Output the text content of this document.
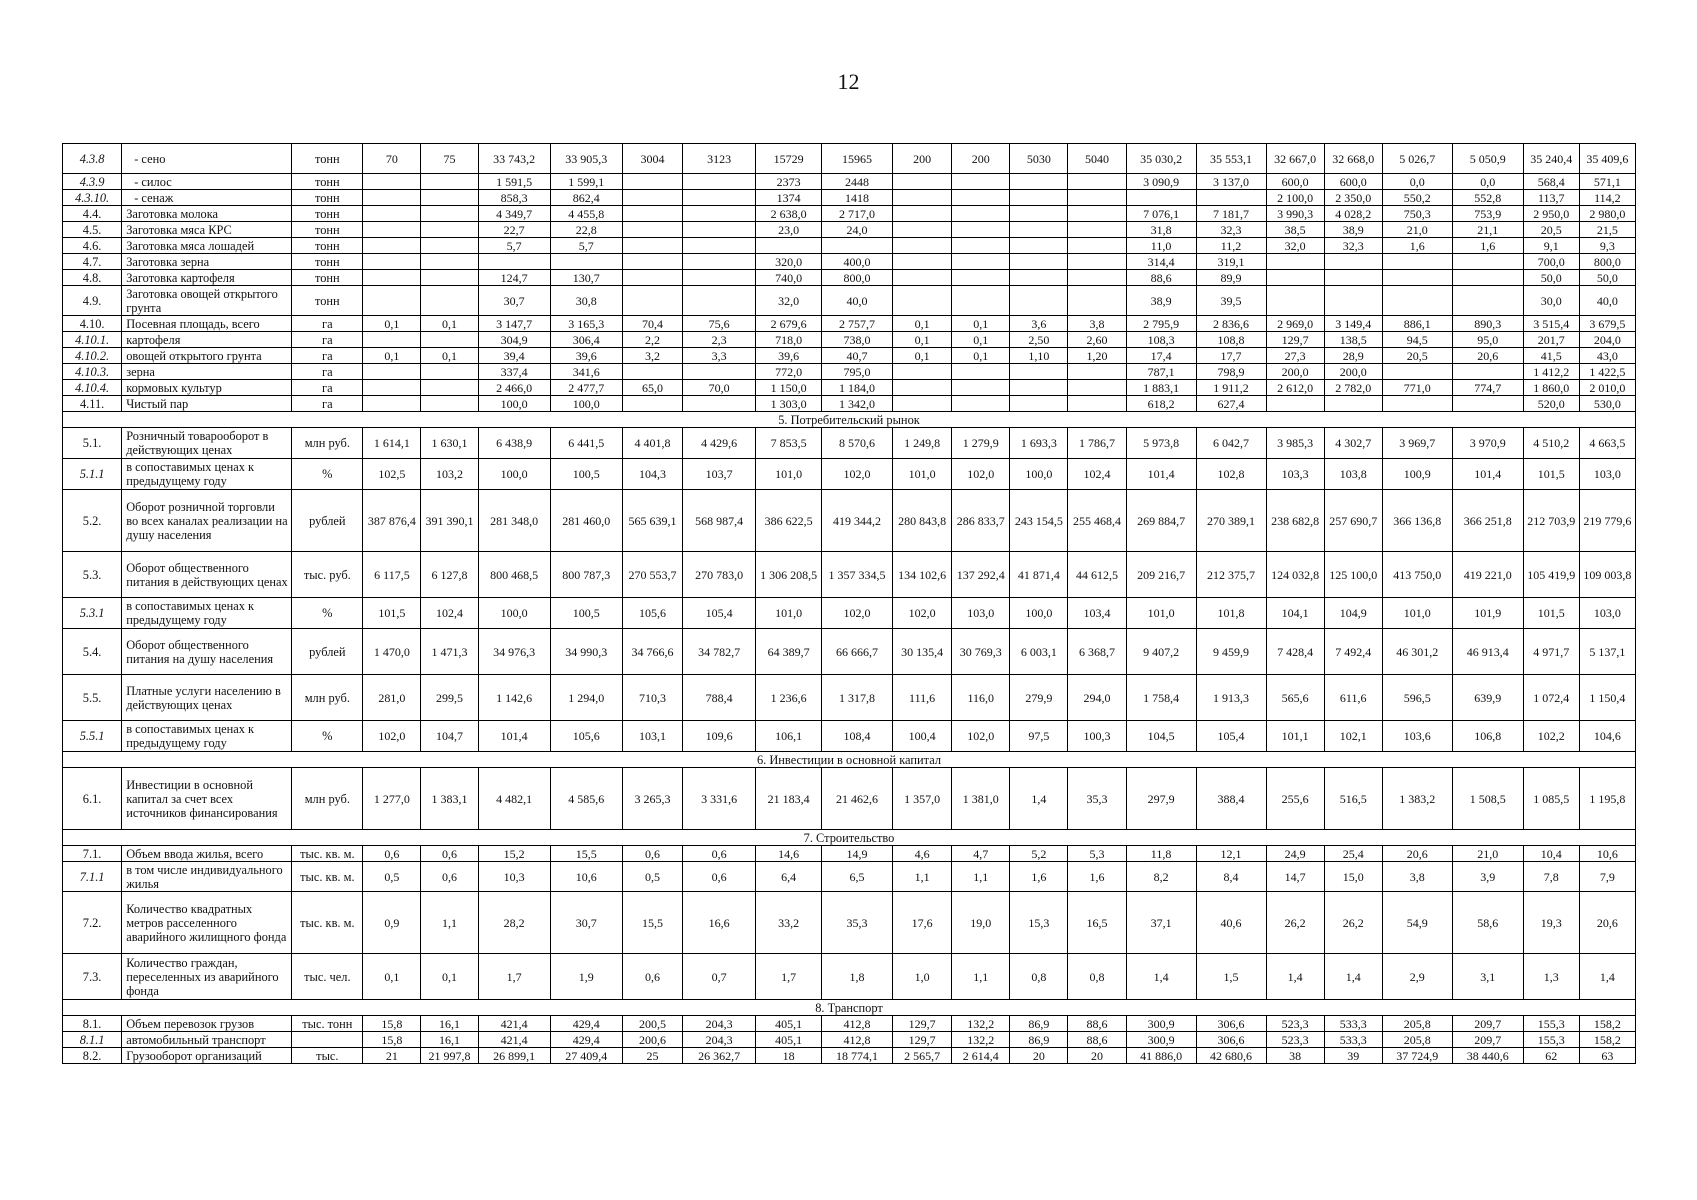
12
4.3.8	- сено	тонн	70	75	33 743,2	33 905,3	3004	3123	15729	15965	200	200	5030	5040	35 030,2	35 553,1	32 667,0	32 668,0	5 026,7	5 050,9	35 240,4	35 409,6
4.3.9	- силос	тонн			1 591,5	1 599,1			2373	2448					3 090,9	3 137,0	600,0	600,0	0,0	0,0	568,4	571,1
4.3.10.	- сенаж	тонн			858,3	862,4			1374	1418							2 100,0	2 350,0	550,2	552,8	113,7	114,2
4.4.	Заготовка молока	тонн			4 349,7	4 455,8			2 638,0	2 717,0					7 076,1	7 181,7	3 990,3	4 028,2	750,3	753,9	2 950,0	2 980,0
4.5.	Заготовка мяса КРС	тонн			22,7	22,8			23,0	24,0					31,8	32,3	38,5	38,9	21,0	21,1	20,5	21,5
4.6.	Заготовка мяса лошадей	тонн			5,7	5,7									11,0	11,2	32,0	32,3	1,6	1,6	9,1	9,3
4.7.	Заготовка зерна	тонн							320,0	400,0					314,4	319,1					700,0	800,0
4.8.	Заготовка картофеля	тонн			124,7	130,7			740,0	800,0					88,6	89,9					50,0	50,0
4.9.	Заготовка овощей открытого грунта	тонн			30,7	30,8			32,0	40,0					38,9	39,5					30,0	40,0
4.10.	Посевная площадь, всего	га	0,1	0,1	3 147,7	3 165,3	70,4	75,6	2 679,6	2 757,7	0,1	0,1	3,6	3,8	2 795,9	2 836,6	2 969,0	3 149,4	886,1	890,3	3 515,4	3 679,5
4.10.1.	картофеля	га			304,9	306,4	2,2	2,3	718,0	738,0	0,1	0,1	2,50	2,60	108,3	108,8	129,7	138,5	94,5	95,0	201,7	204,0
4.10.2.	овощей открытого грунта	га	0,1	0,1	39,4	39,6	3,2	3,3	39,6	40,7	0,1	0,1	1,10	1,20	17,4	17,7	27,3	28,9	20,5	20,6	41,5	43,0
4.10.3.	зерна	га			337,4	341,6			772,0	795,0					787,1	798,9	200,0	200,0			1 412,2	1 422,5
4.10.4.	кормовых культур	га			2 466,0	2 477,7	65,0	70,0	1 150,0	1 184,0					1 883,1	1 911,2	2 612,0	2 782,0	771,0	774,7	1 860,0	2 010,0
4.11.	Чистый пар	га			100,0	100,0			1 303,0	1 342,0					618,2	627,4					520,0	530,0
5. Потребительский рынок																						
5.1.	Розничный товарооборот в действующих ценах	млн руб.	1 614,1	1 630,1	6 438,9	6 441,5	4 401,8	4 429,6	7 853,5	8 570,6	1 249,8	1 279,9	1 693,3	1 786,7	5 973,8	6 042,7	3 985,3	4 302,7	3 969,7	3 970,9	4 510,2	4 663,5
5.1.1	в сопоставимых ценах к предыдущему году	%	102,5	103,2	100,0	100,5	104,3	103,7	101,0	102,0	101,0	102,0	100,0	102,4	101,4	102,8	103,3	103,8	100,9	101,4	101,5	103,0
5.2.	Оборот розничной торговли во всех каналах реализации на душу населения	рублей	387 876,4	391 390,1	281 348,0	281 460,0	565 639,1	568 987,4	386 622,5	419 344,2	280 843,8	286 833,7	243 154,5	255 468,4	269 884,7	270 389,1	238 682,8	257 690,7	366 136,8	366 251,8	212 703,9	219 779,6
5.3.	Оборот общественного питания в действующих ценах	тыс. руб.	6 117,5	6 127,8	800 468,5	800 787,3	270 553,7	270 783,0	1 306 208,5	1 357 334,5	134 102,6	137 292,4	41 871,4	44 612,5	209 216,7	212 375,7	124 032,8	125 100,0	413 750,0	419 221,0	105 419,9	109 003,8
5.3.1	в сопоставимых ценах к предыдущему году	%	101,5	102,4	100,0	100,5	105,6	105,4	101,0	102,0	102,0	103,0	100,0	103,4	101,0	101,8	104,1	104,9	101,0	101,9	101,5	103,0
5.4.	Оборот общественного питания на душу населения	рублей	1 470,0	1 471,3	34 976,3	34 990,3	34 766,6	34 782,7	64 389,7	66 666,7	30 135,4	30 769,3	6 003,1	6 368,7	9 407,2	9 459,9	7 428,4	7 492,4	46 301,2	46 913,4	4 971,7	5 137,1
5.5.	Платные услуги населению в действующих ценах	млн руб.	281,0	299,5	1 142,6	1 294,0	710,3	788,4	1 236,6	1 317,8	111,6	116,0	279,9	294,0	1 758,4	1 913,3	565,6	611,6	596,5	639,9	1 072,4	1 150,4
5.5.1	в сопоставимых ценах к предыдущему году	%	102,0	104,7	101,4	105,6	103,1	109,6	106,1	108,4	100,4	102,0	97,5	100,3	104,5	105,4	101,1	102,1	103,6	106,8	102,2	104,6
6. Инвестиции в основной капитал																						
6.1.	Инвестиции в основной капитал за счет всех источников финансирования	млн руб.	1 277,0	1 383,1	4 482,1	4 585,6	3 265,3	3 331,6	21 183,4	21 462,6	1 357,0	1 381,0	1,4	35,3	297,9	388,4	255,6	516,5	1 383,2	1 508,5	1 085,5	1 195,8
7. Строительство																						
7.1.	Объем ввода жилья, всего	тыс. кв. м.	0,6	0,6	15,2	15,5	0,6	0,6	14,6	14,9	4,6	4,7	5,2	5,3	11,8	12,1	24,9	25,4	20,6	21,0	10,4	10,6
7.1.1	в том числе индивидуального жилья	тыс. кв. м.	0,5	0,6	10,3	10,6	0,5	0,6	6,4	6,5	1,1	1,1	1,6	1,6	8,2	8,4	14,7	15,0	3,8	3,9	7,8	7,9
7.2.	Количество квадратных метров расселенного аварийного жилищного фонда	тыс. кв. м.	0,9	1,1	28,2	30,7	15,5	16,6	33,2	35,3	17,6	19,0	15,3	16,5	37,1	40,6	26,2	26,2	54,9	58,6	19,3	20,6
7.3.	Количество граждан, переселенных из аварийного фонда	тыс. чел.	0,1	0,1	1,7	1,9	0,6	0,7	1,7	1,8	1,0	1,1	0,8	0,8	1,4	1,5	1,4	1,4	2,9	3,1	1,3	1,4
8. Транспорт																						
8.1.	Объем перевозок грузов	тыс. тонн	15,8	16,1	421,4	429,4	200,5	204,3	405,1	412,8	129,7	132,2	86,9	88,6	300,9	306,6	523,3	533,3	205,8	209,7	155,3	158,2
8.1.1	автомобильный транспорт		15,8	16,1	421,4	429,4	200,6	204,3	405,1	412,8	129,7	132,2	86,9	88,6	300,9	306,6	523,3	533,3	205,8	209,7	155,3	158,2
8.2.	Грузооборот организаций	тыс.	21	21 997,8	26 899,1	27 409,4	25	26 362,7	18	18 774,1	2 565,7	2 614,4	20	20	41 886,0	42 680,6	38	39	37 724,9	38 440,6	62	63
